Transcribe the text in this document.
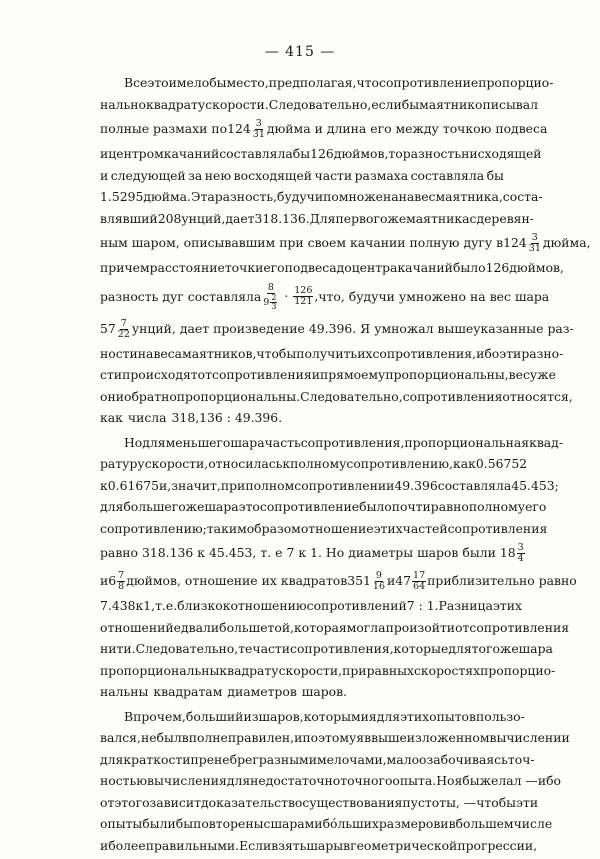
— 415 —
Все это имело бы место, предполагая, что сопротивление пропорцио-
нально квадрату скорости. Следовательно, если бы маятник описывал
полные размахи по $124 \frac{3}{31}$ дюйма и длина его между точкою подвеса
и центром качаний составляла бы 126 дюймов, то разность нисходящей
и следующей за нею восходящей части размаха составляла бы
1.5295 дюйма. Эта разность, будучи помножена на вес маятника, соста-
влявший 208 унций, дает 318.136. Для первого же маятника с деревян-
ным шаром, описывавшим при своем качании полную дугу в $124 \frac{3}{31}$ дюйма,
причем расстояние точки его подвеса до центра качаний было 126 дюймов,
разность дуг составляла $\frac{8}{9 \frac{2}{3}} \cdot \frac{126}{121}$ , что, будучи умножено на вес шара
$57 \frac{7}{22}$ унций, дает произведение 49.396. Я умножал вышеуказанные раз-
ности на веса маятников, чтобы получить их сопротивления, ибо эти разно-
сти происходят от сопротивления и прямо ему пропорциональны, весу же
они обратно пропорциональны. Следовательно, сопротивления относятся,
как числа 318,136 : 49.396.
Но для меньшего шара часть сопротивления, пропорциональная квад-
ратуру скорости, относилась к полному сопротивлению, как 0.56752
к 0.61675 и, значит, при полном сопротивлении 49.396 составляла 45.453;
для большего же шара это сопротивление было почти равно полному его
сопротивлению; таким образом отношение этих частей сопротивления
равно 318.136 к 45.453, т. е 7 к 1. Но диаметры шаров были $18 \frac{3}{4}$
и $6 \frac{7}{8}$ дюймов, отношение их квадратов $351 \frac{9}{16}$ и $47 \frac{17}{64}$ приблизительно равно
7.438 к 1, т. е. близко к отношению сопротивлений 7 : 1. Разница этих
отношений едва ли больше той, которая могла произойти от сопротивления
нити. Следовательно, те части сопротивления, которые для того же шара
пропорциональны квадрату скорости, при равных скоростях пропорцио-
нальны квадратам диаметров шаров.
Впрочем, больший из шаров, которыми я для этих опытов пользо-
вался, не был вполне правилен, и поэтому я в вышеизложенном вычислении
для краткости пренебрег разными мелочами, мало озабочиваясь точ-
ностью вычисления для недостаточно точного опыта. Но я бы желал — ибо
от этого зависит доказательство существования пустоты, — чтобы эти
опыты были бы повторены с шарами бóльших размеров и в большем числе
и более правильными. Если взять шары в геометрической прогрессии,
